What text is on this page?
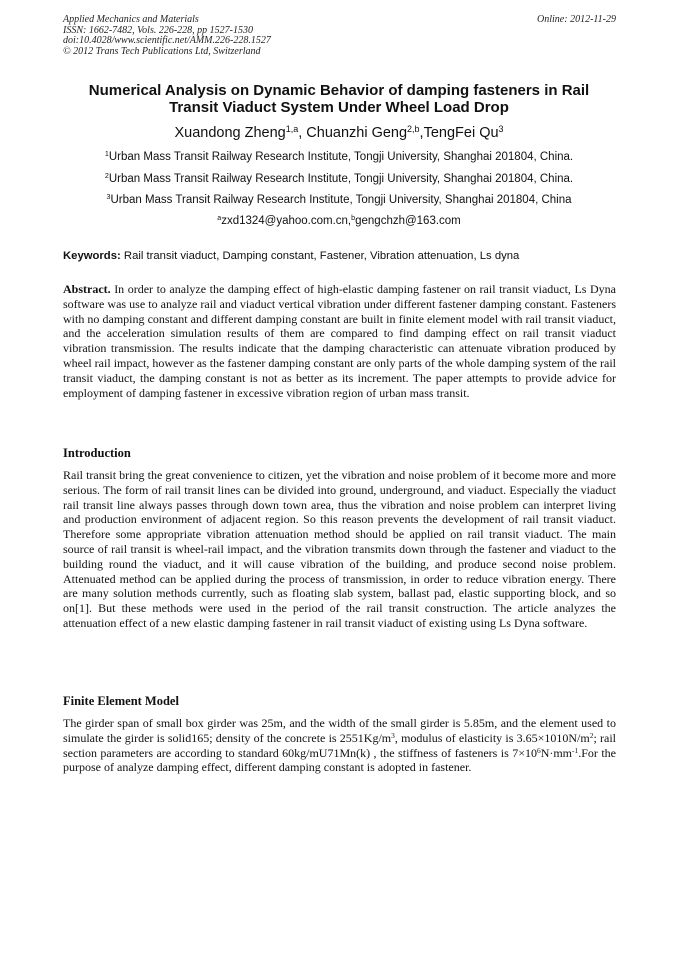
Applied Mechanics and Materials
ISSN: 1662-7482, Vols. 226-228, pp 1527-1530
doi:10.4028/www.scientific.net/AMM.226-228.1527
© 2012 Trans Tech Publications Ltd, Switzerland
Online: 2012-11-29
Numerical Analysis on Dynamic Behavior of damping fasteners in Rail
Transit Viaduct System Under Wheel Load Drop
Xuandong Zheng$^{1,a}$, Chuanzhi Geng$^{2,b}$,TengFei Qu$^3$
$^1$Urban Mass Transit Railway Research Institute, Tongji University, Shanghai 201804, China.
$^2$Urban Mass Transit Railway Research Institute, Tongji University, Shanghai 201804, China.
$^3$Urban Mass Transit Railway Research Institute, Tongji University, Shanghai 201804, China
$^a$zxd1324@yahoo.com.cn,$^b$gengchzh@163.com
Keywords: Rail transit viaduct, Damping constant, Fastener, Vibration attenuation, Ls dyna
Abstract. In order to analyze the damping effect of high-elastic damping fastener on rail transit viaduct, Ls Dyna software was use to analyze rail and viaduct vertical vibration under different fastener damping constant. Fasteners with no damping constant and different damping constant are built in finite element model with rail transit viaduct, and the acceleration simulation results of them are compared to find damping effect on rail transit viaduct vibration transmission. The results indicate that the damping characteristic can attenuate vibration produced by wheel rail impact, however as the fastener damping constant are only parts of the whole damping system of the rail transit viaduct, the damping constant is not as better as its increment. The paper attempts to provide advice for employment of damping fastener in excessive vibration region of urban mass transit.
Introduction
Rail transit bring the great convenience to citizen, yet the vibration and noise problem of it become more and more serious. The form of rail transit lines can be divided into ground, underground, and viaduct. Especially the viaduct rail transit line always passes through down town area, thus the vibration and noise problem can interpret living and production environment of adjacent region. So this reason prevents the development of rail transit viaduct. Therefore some appropriate vibration attenuation method should be applied on rail transit viaduct. The main source of rail transit is wheel-rail impact, and the vibration transmits down through the fastener and viaduct to the building round the viaduct, and it will cause vibration of the building, and produce second noise problem. Attenuated method can be applied during the process of transmission, in order to reduce vibration energy. There are many solution methods currently, such as floating slab system, ballast pad, elastic supporting block, and so on[1]. But these methods were used in the period of the rail transit construction. The article analyzes the attenuation effect of a new elastic damping fastener in rail transit viaduct of existing using Ls Dyna software.
Finite Element Model
The girder span of small box girder was 25m, and the width of the small girder is 5.85m, and the element used to simulate the girder is solid165; density of the concrete is $2551Kg/m^3$, modulus of elasticity is $3.65\times 1010N/m^2$; rail section parameters are according to standard 60kg/mU71Mn(k) , the stiffness of fasteners is $7\times 10^6N\cdot mm^{-1}.For$ the purpose of analyze damping effect, different damping constant is adopted in fastener.
